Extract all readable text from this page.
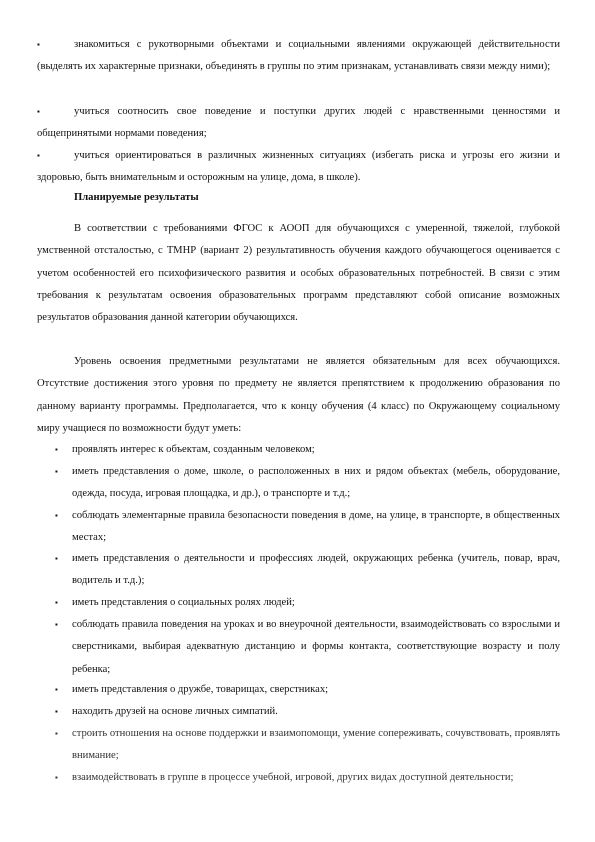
▪	знакомиться с рукотворными объектами и социальными явлениями окружающей действительности (выделять их характерные признаки, объединять в группы по этим признакам, устанавливать связи между ними);

▪	учиться соотносить свое поведение и поступки других людей с нравственными ценностями и общепринятыми нормами поведения;

▪	учиться ориентироваться в различных жизненных ситуациях (избегать риска и угрозы его жизни и здоровью, быть внимательным и осторожным на улице, дома, в школе).

Планируемые результаты

В соответствии с требованиями ФГОС к АООП для обучающихся с умеренной, тяжелой, глубокой умственной отсталостью, с ТМНР (вариант 2) результативность обучения каждого обучающегося оценивается с учетом особенностей его психофизического развития и особых образовательных потребностей. В связи с этим требования к результатам освоения образовательных программ представляют собой описание возможных результатов образования данной категории обучающихся.

Уровень освоения предметными результатами не является обязательным для всех обучающихся. Отсутствие достижения этого уровня по предмету не является препятствием к продолжению образования по данному варианту программы. Предполагается, что к концу обучения (4 класс) по Окружающему социальному миру учащиеся по возможности будут уметь:

▪ проявлять интерес к объектам, созданным человеком;

▪ иметь представления о доме, школе, о расположенных в них и рядом объектах (мебель, оборудование, одежда, посуда, игровая площадка, и др.), о транспорте и т.д.;

▪ соблюдать элементарные правила безопасности поведения в доме, на улице, в транспорте, в общественных местах;

▪ иметь представления о деятельности и профессиях людей, окружающих ребенка (учитель, повар, врач, водитель и т.д.);

▪ иметь представления о социальных ролях людей;

▪ соблюдать правила поведения на уроках и во внеурочной деятельности, взаимодействовать со взрослыми и сверстниками, выбирая адекватную дистанцию и формы контакта, соответствующие возрасту и полу ребенка;

▪ иметь представления о дружбе, товарищах, сверстниках;

▪ находить друзей на основе личных симпатий.

▪ строить отношения на основе поддержки и взаимопомощи, умение сопереживать, сочувствовать, проявлять внимание;

▪ взаимодействовать в группе в процессе учебной, игровой, других видах доступной деятельности;
